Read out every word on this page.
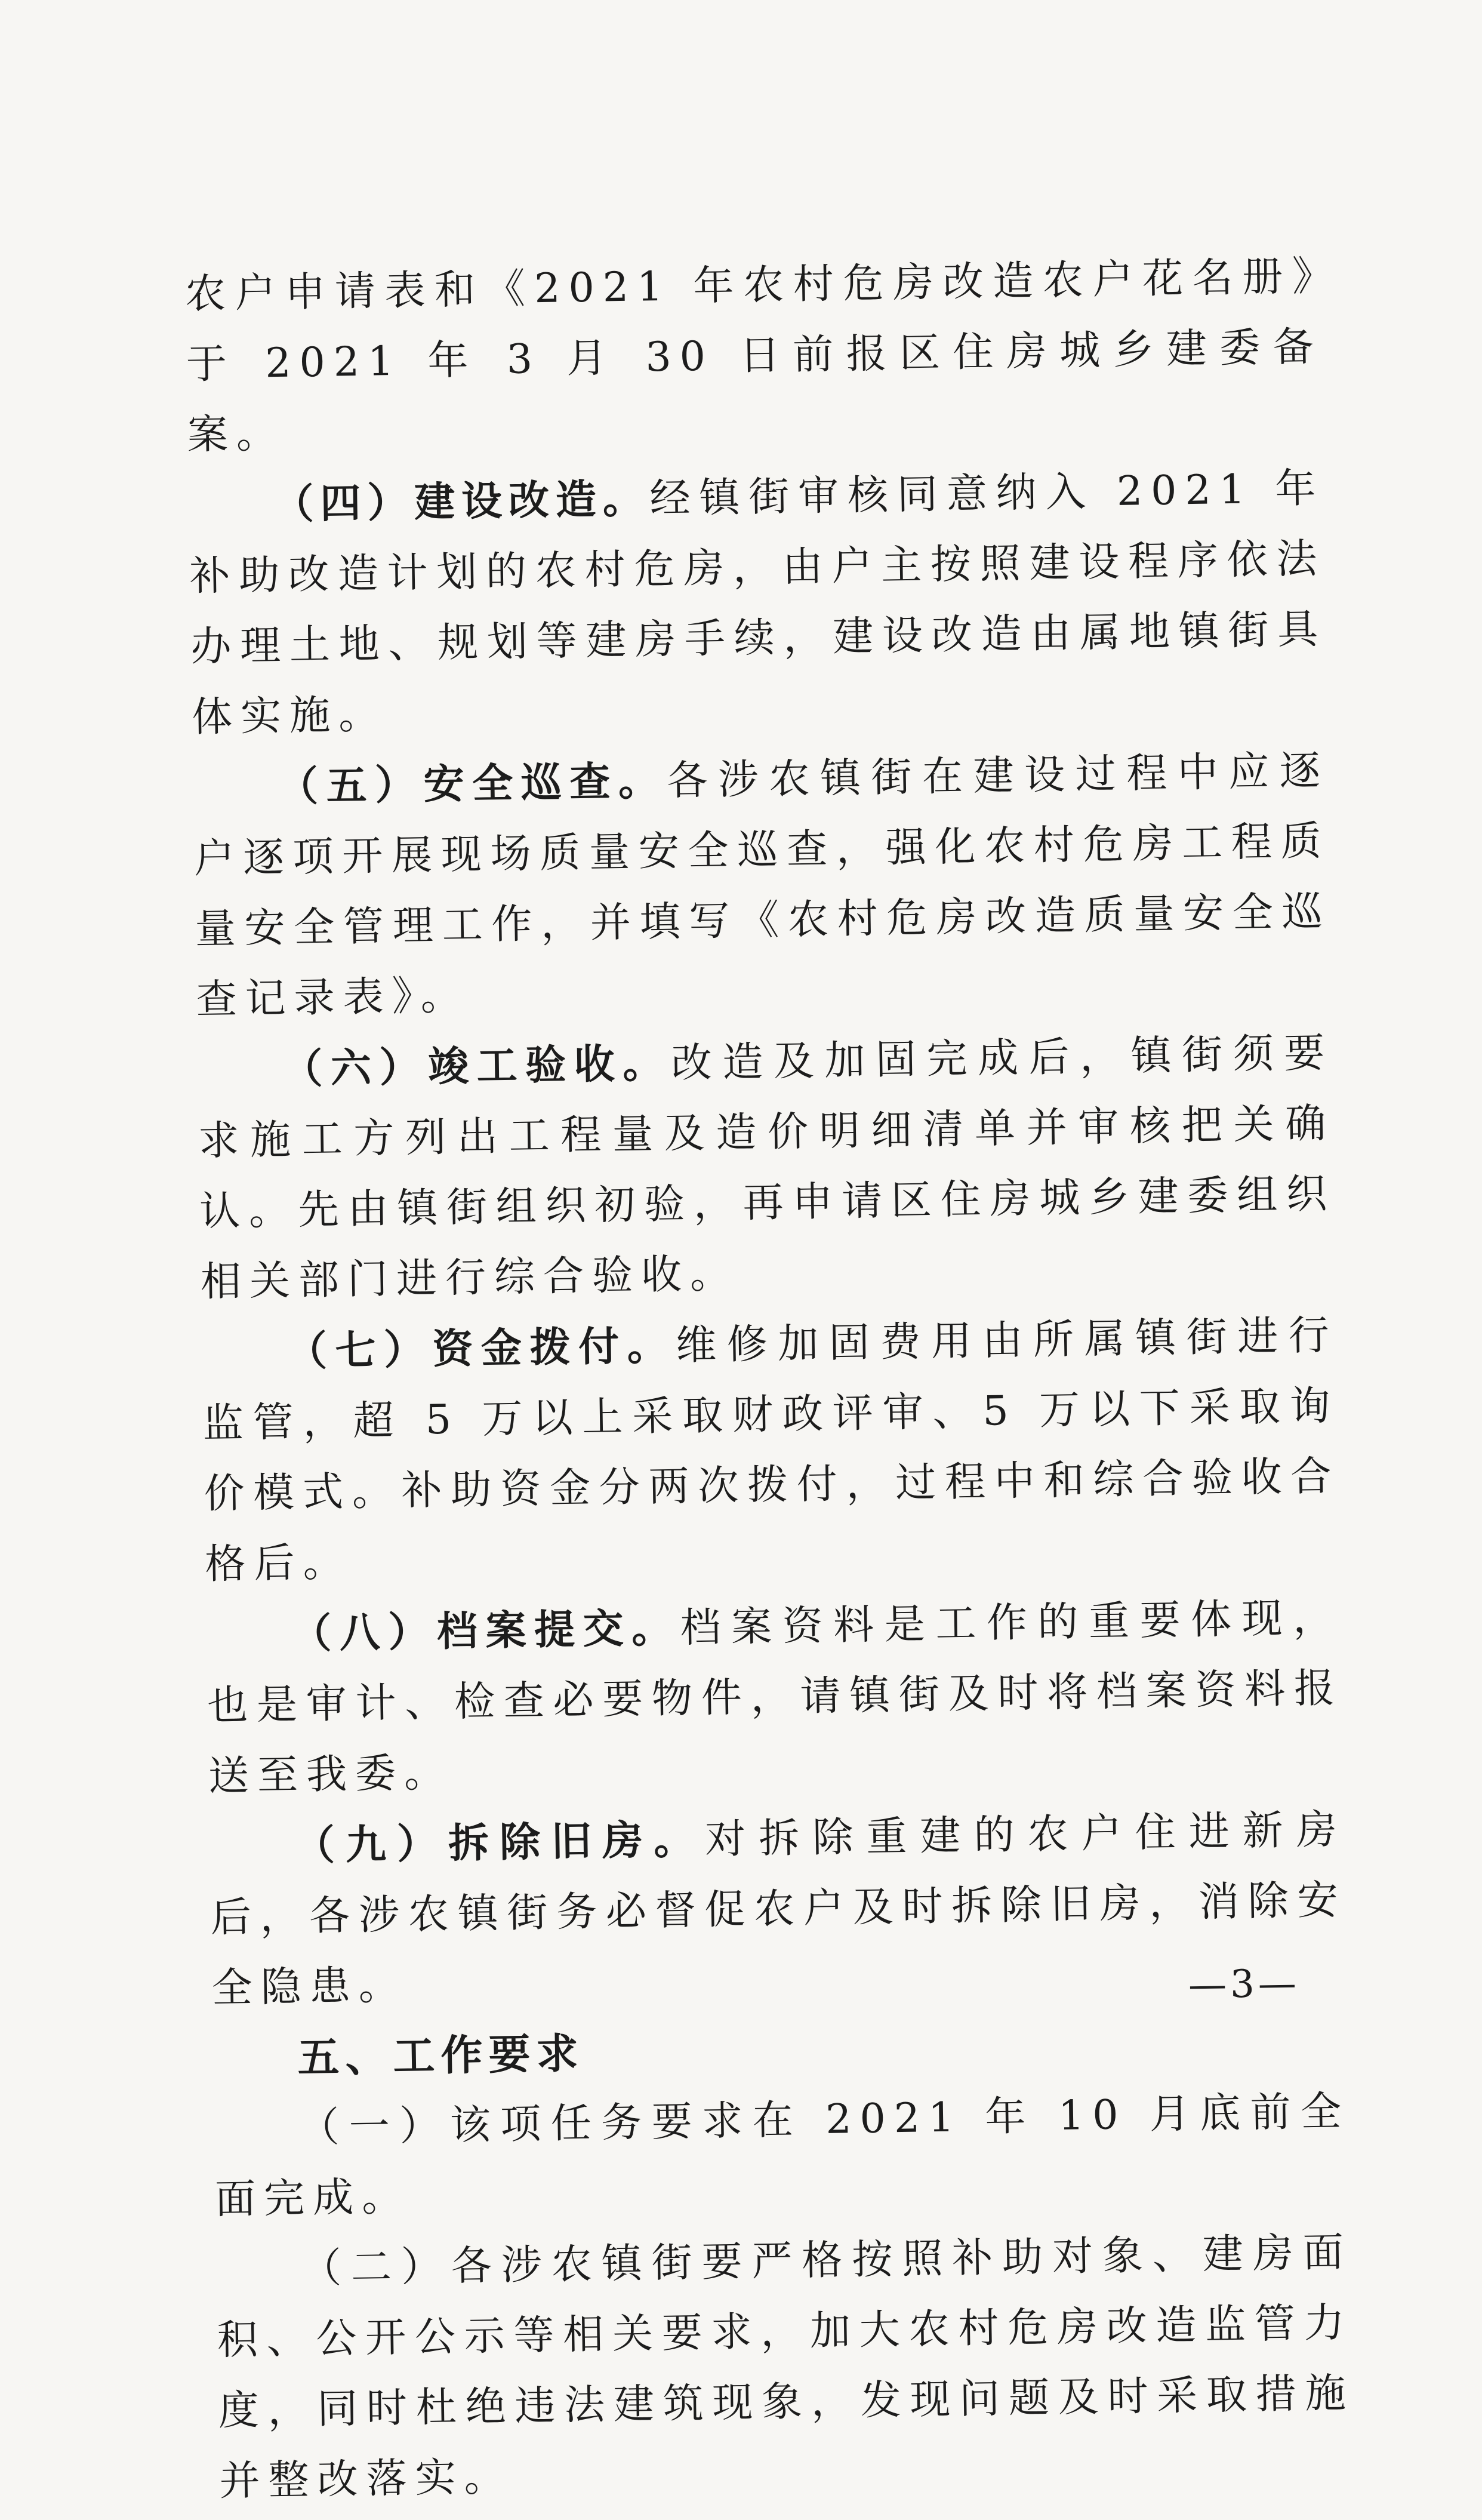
农户申请表和《2021 年农村危房改造农户花名册》于 2021 年 3 月 30 日前报区住房城乡建委备案。

（四）建设改造。经镇街审核同意纳入 2021 年补助改造计划的农村危房，由户主按照建设程序依法办理土地、规划等建房手续，建设改造由属地镇街具体实施。

（五）安全巡查。各涉农镇街在建设过程中应逐户逐项开展现场质量安全巡查，强化农村危房工程质量安全管理工作，并填写《农村危房改造质量安全巡查记录表》。

（六）竣工验收。改造及加固完成后，镇街须要求施工方列出工程量及造价明细清单并审核把关确认。先由镇街组织初验，再申请区住房城乡建委组织相关部门进行综合验收。

（七）资金拨付。维修加固费用由所属镇街进行监管，超 5 万以上采取财政评审、5 万以下采取询价模式。补助资金分两次拨付，过程中和综合验收合格后。

（八）档案提交。档案资料是工作的重要体现，也是审计、检查必要物件，请镇街及时将档案资料报送至我委。

（九）拆除旧房。对拆除重建的农户住进新房后，各涉农镇街务必督促农户及时拆除旧房，消除安全隐患。

五、工作要求

（一）该项任务要求在 2021 年 10 月底前全面完成。

（二）各涉农镇街要严格按照补助对象、建房面积、公开公示等相关要求，加大农村危房改造监管力度，同时杜绝违法建筑现象，发现问题及时采取措施并整改落实。

—3—
